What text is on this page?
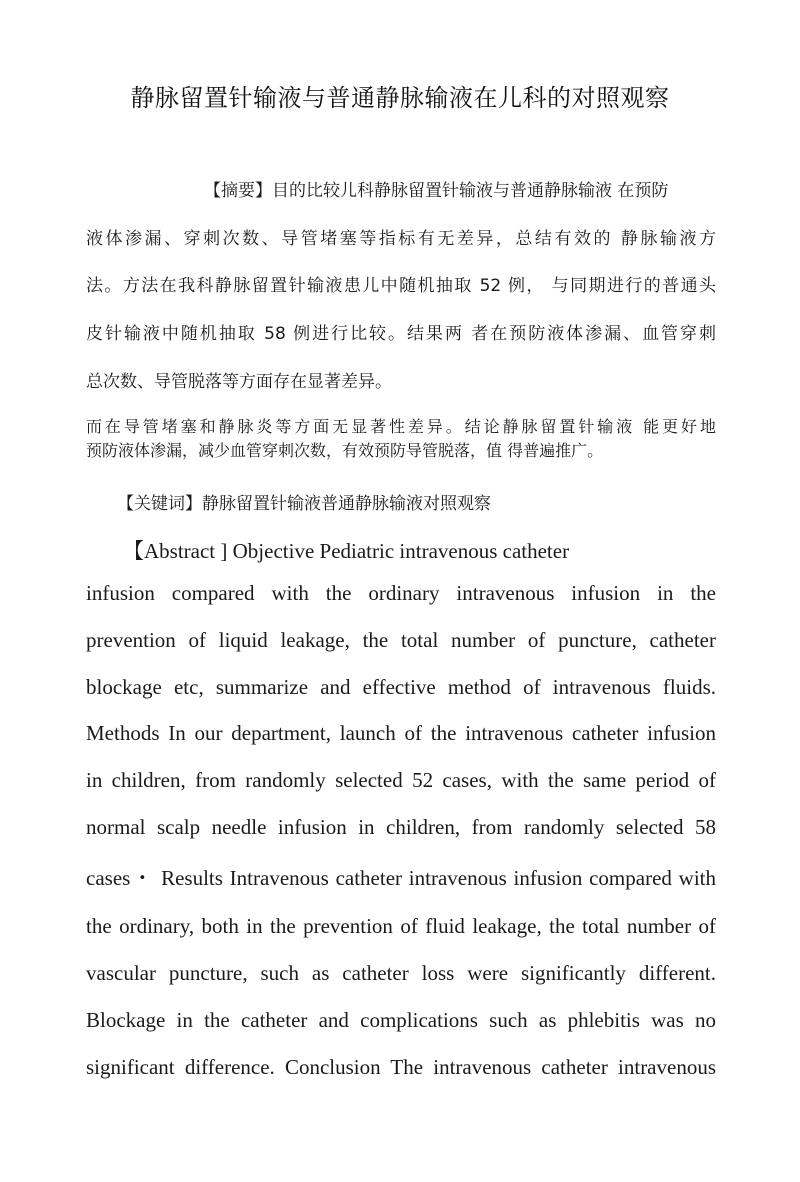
静脉留置针输液与普通静脉输液在儿科的对照观察
【摘要】目的比较儿科静脉留置针输液与普通静脉输液 在预防
液体渗漏、穿刺次数、导管堵塞等指标有无差异，总结有效的 静脉输液方
法。方法在我科静脉留置针输液患儿中随机抽取 52 例， 与同期进行的普通头
皮针输液中随机抽取 58 例进行比较。结果两 者在预防液体渗漏、血管穿刺
总次数、导管脱落等方面存在显著差异。
而在导管堵塞和静脉炎等方面无显著性差异。结论静脉留置针输液 能更好地
预防液体渗漏，减少血管穿刺次数，有效预防导管脱落，值 得普遍推广。
【关键词】静脉留置针输液普通静脉输液对照观察
【Abstract ] Objective Pediatric intravenous catheter
infusion compared with the ordinary intravenous infusion in the
prevention of liquid leakage, the total number of puncture, catheter
blockage etc, summarize and effective method of intravenous fluids.
Methods In our department, launch of the intravenous catheter infusion
in children, from randomly selected 52 cases, with the same period of
normal scalp needle infusion in children, from randomly selected 58
cases・ Results Intravenous catheter intravenous infusion compared with
the ordinary, both in the prevention of fluid leakage, the total number of
vascular puncture, such as catheter loss were significantly different.
Blockage in the catheter and complications such as phlebitis was no
significant difference. Conclusion The intravenous catheter intravenous
